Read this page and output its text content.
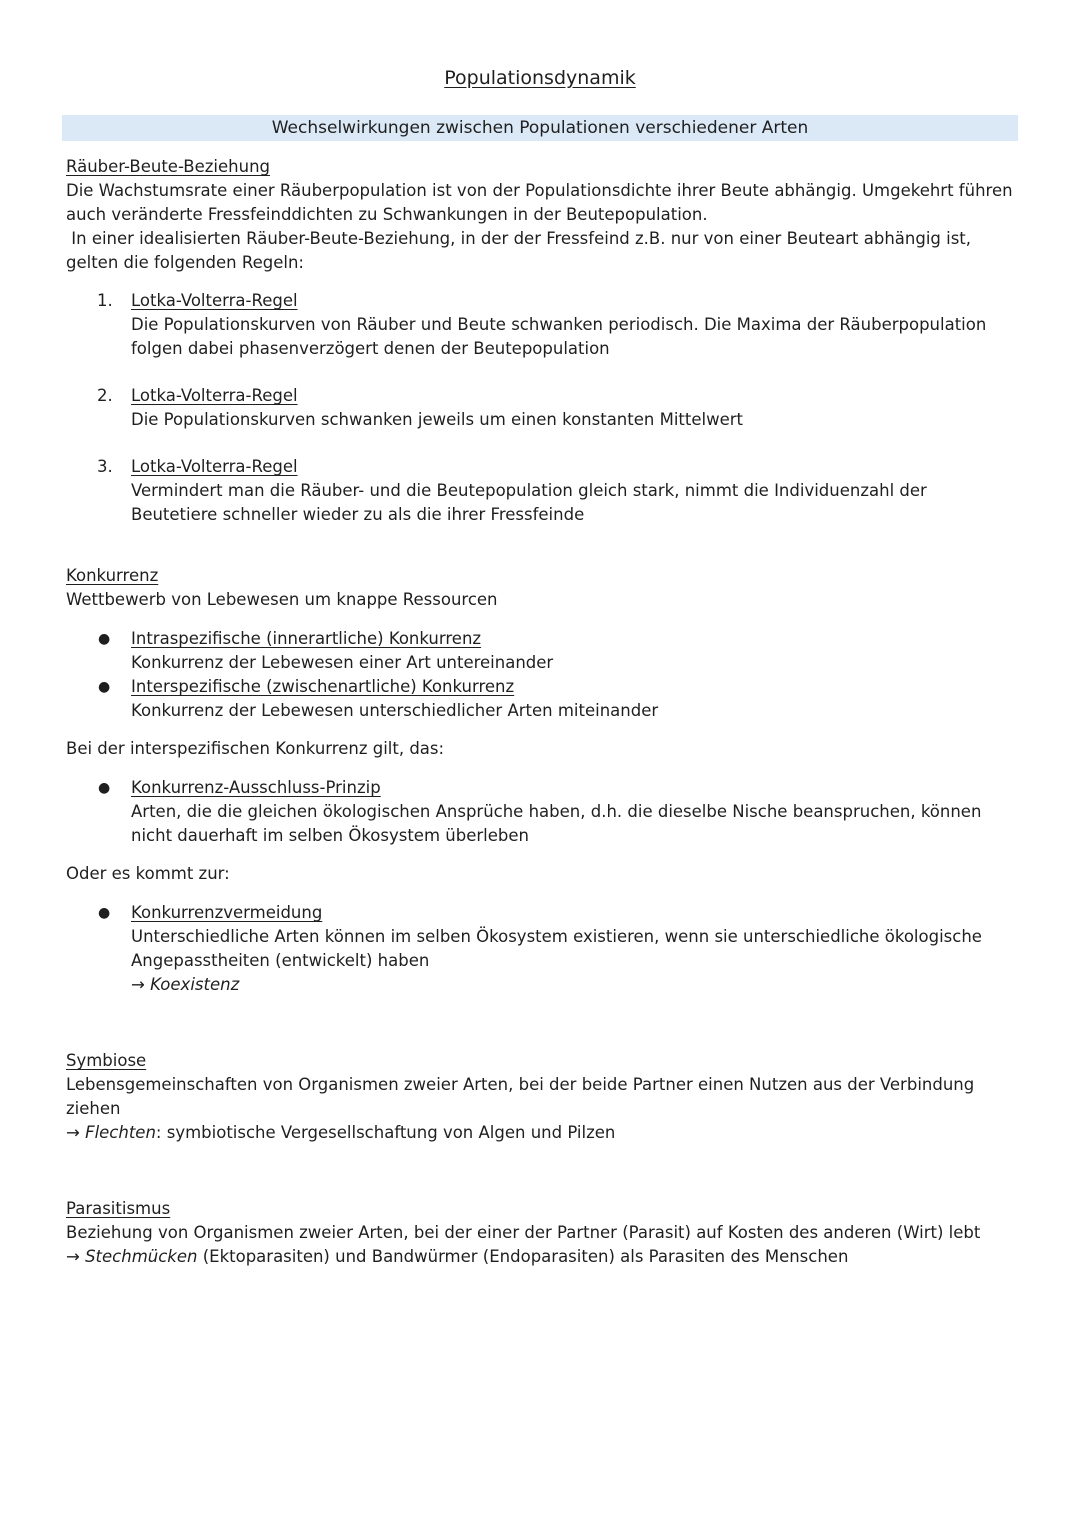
Populationsdynamik
Wechselwirkungen zwischen Populationen verschiedener Arten
Räuber-Beute-Beziehung
Die Wachstumsrate einer Räuberpopulation ist von der Populationsdichte ihrer Beute abhängig. Umgekehrt führen
auch veränderte Fressfeinddichten zu Schwankungen in der Beutepopulation.
In einer idealisierten Räuber-Beute-Beziehung, in der der Fressfeind z.B. nur von einer Beuteart abhängig ist,
gelten die folgenden Regeln:
1.	Lotka-Volterra-Regel
Die Populationskurven von Räuber und Beute schwanken periodisch. Die Maxima der Räuberpopulation
folgen dabei phasenverzögert denen der Beutepopulation
2.	Lotka-Volterra-Regel
Die Populationskurven schwanken jeweils um einen konstanten Mittelwert
3.	Lotka-Volterra-Regel
Vermindert man die Räuber- und die Beutepopulation gleich stark, nimmt die Individuenzahl der
Beutetiere schneller wieder zu als die ihrer Fressfeinde
Konkurrenz
Wettbewerb von Lebewesen um knappe Ressourcen
● Intraspezifische (innerartliche) Konkurrenz
Konkurrenz der Lebewesen einer Art untereinander
● Interspezifische (zwischenartliche) Konkurrenz
Konkurrenz der Lebewesen unterschiedlicher Arten miteinander
Bei der interspezifischen Konkurrenz gilt, das:
● Konkurrenz-Ausschluss-Prinzip
Arten, die die gleichen ökologischen Ansprüche haben, d.h. die dieselbe Nische beanspruchen, können
nicht dauerhaft im selben Ökosystem überleben
Oder es kommt zur:
● Konkurrenzvermeidung
Unterschiedliche Arten können im selben Ökosystem existieren, wenn sie unterschiedliche ökologische
Angepasstheiten (entwickelt) haben
→ Koexistenz
Symbiose
Lebensgemeinschaften von Organismen zweier Arten, bei der beide Partner einen Nutzen aus der Verbindung
ziehen
→ Flechten: symbiotische Vergesellschaftung von Algen und Pilzen
Parasitismus
Beziehung von Organismen zweier Arten, bei der einer der Partner (Parasit) auf Kosten des anderen (Wirt) lebt
→ Stechmücken (Ektoparasiten) und Bandwürmer (Endoparasiten) als Parasiten des Menschen
